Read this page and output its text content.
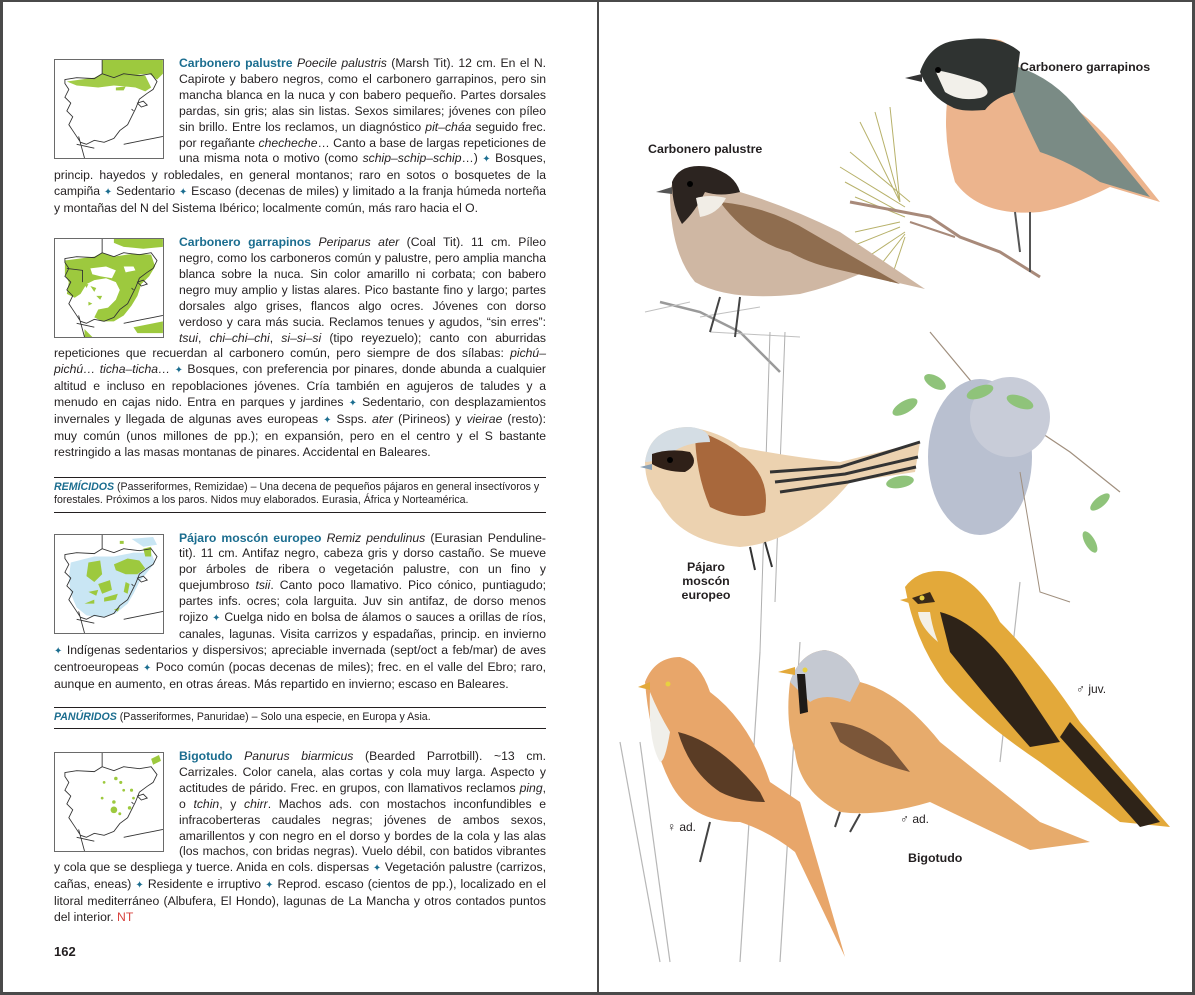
Carbonero palustre Poecile palustris (Marsh Tit). 12 cm. En el N. Capirote y babero negros, como el carbonero garrapinos, pero sin mancha blanca en la nuca y con babero pequeño. Partes dorsales pardas, sin gris; alas sin listas. Sexos similares; jóvenes con píleo sin brillo. Entre los reclamos, un diagnóstico pit–cháa seguido frec. por regañante checheche… Canto a base de largas repeticiones de una misma nota o motivo (como schip–schip–schip…) ✦ Bosques, princip. hayedos y robledales, en general montanos; raro en sotos o bosquetes de la campiña ✦ Sedentario ✦ Escaso (decenas de miles) y limitado a la franja húmeda norteña y montañas del N del Sistema Ibérico; localmente común, más raro hacia el O.
Carbonero garrapinos Periparus ater (Coal Tit). 11 cm. Píleo negro, como los carboneros común y palustre, pero amplia mancha blanca sobre la nuca. Sin color amarillo ni corbata; con babero negro muy amplio y listas alares. Pico bastante fino y largo; partes dorsales algo grises, flancos algo ocres. Jóvenes con dorso verdoso y cara más sucia. Reclamos tenues y agudos, “sin erres”: tsui, chi–chi–chi, si–si–si (tipo reyezuelo); canto con aburridas repeticiones que recuerdan al carbonero común, pero siempre de dos sílabas: pichú–pichú… ticha–ticha… ✦ Bosques, con preferencia por pinares, donde abunda a cualquier altitud e incluso en repoblaciones jóvenes. Cría también en agujeros de taludes y a menudo en cajas nido. Entra en parques y jardines ✦ Sedentario, con desplazamientos invernales y llegada de algunas aves europeas ✦ Ssps. ater (Pirineos) y vieirae (resto): muy común (unos millones de pp.); en expansión, pero en el centro y el S bastante restringido a las masas montanas de pinares. Accidental en Baleares.
REMÍCIDOS (Passeriformes, Remizidae) – Una decena de pequeños pájaros en general insectívoros y forestales. Próximos a los paros. Nidos muy elaborados. Eurasia, África y Norteamérica.
Pájaro moscón europeo Remiz pendulinus (Eurasian Penduline-tit). 11 cm. Antifaz negro, cabeza gris y dorso castaño. Se mueve por árboles de ribera o vegetación palustre, con un fino y quejumbroso tsii. Canto poco llamativo. Pico cónico, puntiagudo; partes infs. ocres; cola larguita. Juv sin antifaz, de dorso menos rojizo ✦ Cuelga nido en bolsa de álamos o sauces a orillas de ríos, canales, lagunas. Visita carrizos y espadañas, princip. en invierno ✦ Indígenas sedentarios y dispersivos; apreciable invernada (sept/oct a feb/mar) de aves centroeuropeas ✦ Poco común (pocas decenas de miles); frec. en el valle del Ebro; raro, aunque en aumento, en otras áreas. Más repartido en invierno; escaso en Baleares.
PANÚRIDOS (Passeriformes, Panuridae) – Solo una especie, en Europa y Asia.
Bigotudo Panurus biarmicus (Bearded Parrotbill). ~13 cm. Carrizales. Color canela, alas cortas y cola muy larga. Aspecto y actitudes de párido. Frec. en grupos, con llamativos reclamos ping, o tchin, y chirr. Machos ads. con mostachos inconfundibles e infracoberteras caudales negras; jóvenes de ambos sexos, amarillentos y con negro en el dorso y bordes de la cola y las alas (los machos, con bridas negras). Vuelo débil, con batidos vibrantes y cola que se despliega y tuerce. Anida en cols. dispersas ✦ Vegetación palustre (carrizos, cañas, eneas) ✦ Residente e irruptivo ✦ Reprod. escaso (cientos de pp.), localizado en el litoral mediterráneo (Albufera, El Hondo), lagunas de La Mancha y otros contados puntos del interior. NT
162
Carbonero garrapinos
Carbonero palustre
Pájaro
moscón
europeo
Bigotudo
♀ ad.
♂ ad.
♂ juv.
